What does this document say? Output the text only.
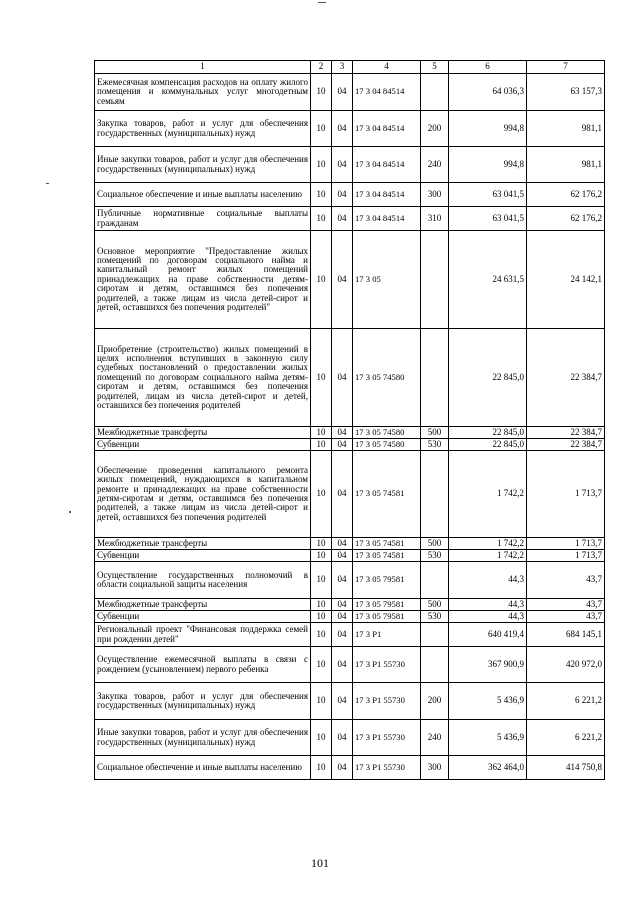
1	2	3	4	5	6	7
Ежемесячная компенсация расходов на оплату жилого помещения и коммунальных услуг многодетным семьям	10	04	17 3 04 84514		64 036,3	63 157,3
Закупка товаров, работ и услуг для обеспечения государственных (муниципальных) нужд	10	04	17 3 04 84514	200	994,8	981,1
Иные закупки товаров, работ и услуг для обеспечения государственных (муниципальных) нужд	10	04	17 3 04 84514	240	994,8	981,1
Социальное обеспечение и иные выплаты населению	10	04	17 3 04 84514	300	63 041,5	62 176,2
Публичные нормативные социальные выплаты гражданам	10	04	17 3 04 84514	310	63 041,5	62 176,2
Основное мероприятие "Предоставление жилых помещений по договорам социального найма и капитальный ремонт жилых помещений принадлежащих на праве собственности детям-сиротам и детям, оставшимся без попечения родителей, а также лицам из числа детей-сирот и детей, оставшихся без попечения родителей"	10	04	17 3 05		24 631,5	24 142,1
Приобретение (строительство) жилых помещений в целях исполнения вступивших в законную силу судебных постановлений о предоставлении жилых помещений по договорам социального найма детям-сиротам и детям, оставшимся без попечения родителей, лицам из числа детей-сирот и детей, оставшихся без попечения родителей	10	04	17 3 05 74580		22 845,0	22 384,7
Межбюджетные трансферты	10	04	17 3 05 74580	500	22 845,0	22 384,7
Субвенции	10	04	17 3 05 74580	530	22 845,0	22 384,7
Обеспечение проведения капитального ремонта жилых помещений, нуждающихся в капитальном ремонте и принадлежащих на праве собственности детям-сиротам и детям, оставшимся без попечения родителей, а также лицам из числа детей-сирот и детей, оставшихся без попечения родителей	10	04	17 3 05 74581		1 742,2	1 713,7
Межбюджетные трансферты	10	04	17 3 05 74581	500	1 742,2	1 713,7
Субвенции	10	04	17 3 05 74581	530	1 742,2	1 713,7
Осуществление государственных полномочий в области социальной защиты населения	10	04	17 3 05 79581		44,3	43,7
Межбюджетные трансферты	10	04	17 3 05 79581	500	44,3	43,7
Субвенции	10	04	17 3 05 79581	530	44,3	43,7
Региональный проект "Финансовая поддержка семей при рождении детей"	10	04	17 3 P1		640 419,4	684 145,1
Осуществление ежемесячной выплаты в связи с рождением (усыновлением) первого ребенка	10	04	17 3 P1 55730		367 900,9	420 972,0
Закупка товаров, работ и услуг для обеспечения государственных (муниципальных) нужд	10	04	17 3 P1 55730	200	5 436,9	6 221,2
Иные закупки товаров, работ и услуг для обеспечения государственных (муниципальных) нужд	10	04	17 3 P1 55730	240	5 436,9	6 221,2
Социальное обеспечение и иные выплаты населению	10	04	17 3 P1 55730	300	362 464,0	414 750,8
101
